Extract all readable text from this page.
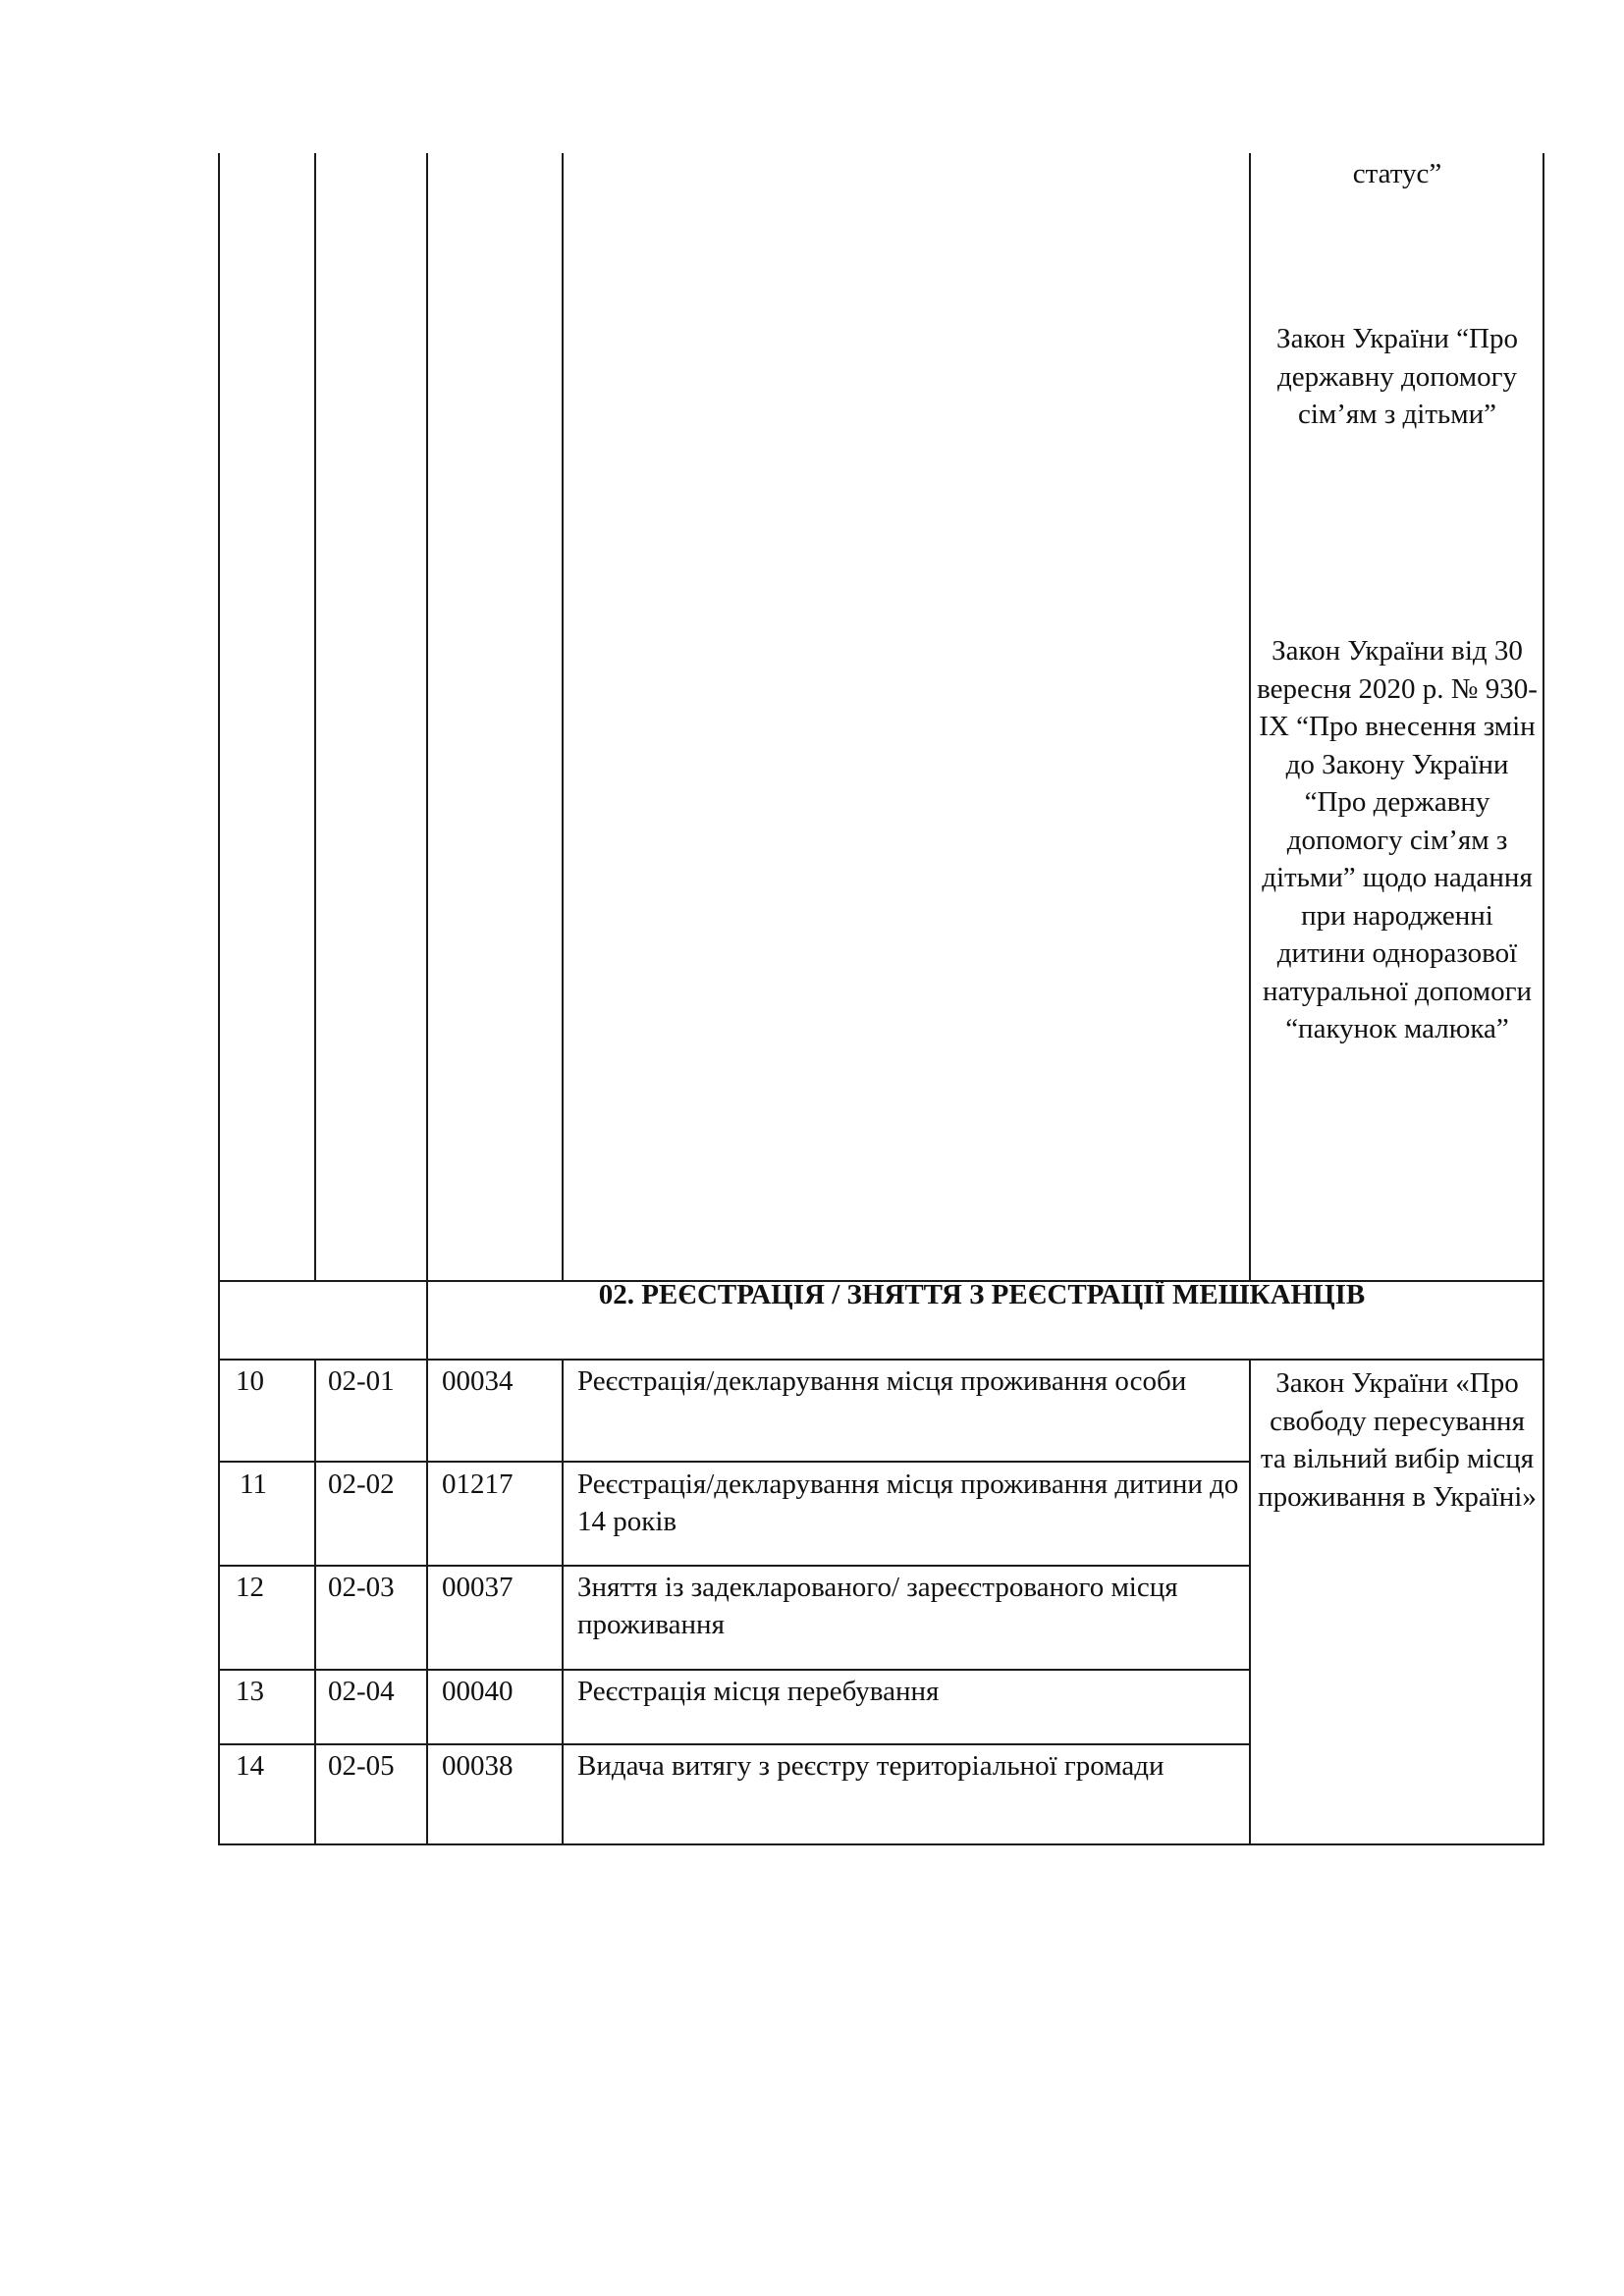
статус”
Закон України “Про державну допомогу сім’ям з дітьми”
Закон України від 30 вересня 2020 р. № 930-IX “Про внесення змін до Закону України “Про державну допомогу сім’ям з дітьми” щодо надання при народженні дитини одноразової натуральної допомоги “пакунок малюка”
02. РЕЄСТРАЦІЯ / ЗНЯТТЯ З РЕЄСТРАЦІЇ МЕШКАНЦІВ
10 02-01 00034 Реєстрація/декларування місця проживання особи
11 02-02 01217 Реєстрація/декларування місця проживання дитини до 14 років
12 02-03 00037 Зняття із задекларованого/ зареєстрованого місця проживання
13 02-04 00040 Реєстрація місця перебування
14 02-05 00038 Видача витягу з реєстру територіальної громади
Закон України «Про свободу пересування та вільний вибір місця проживання в Україні»
